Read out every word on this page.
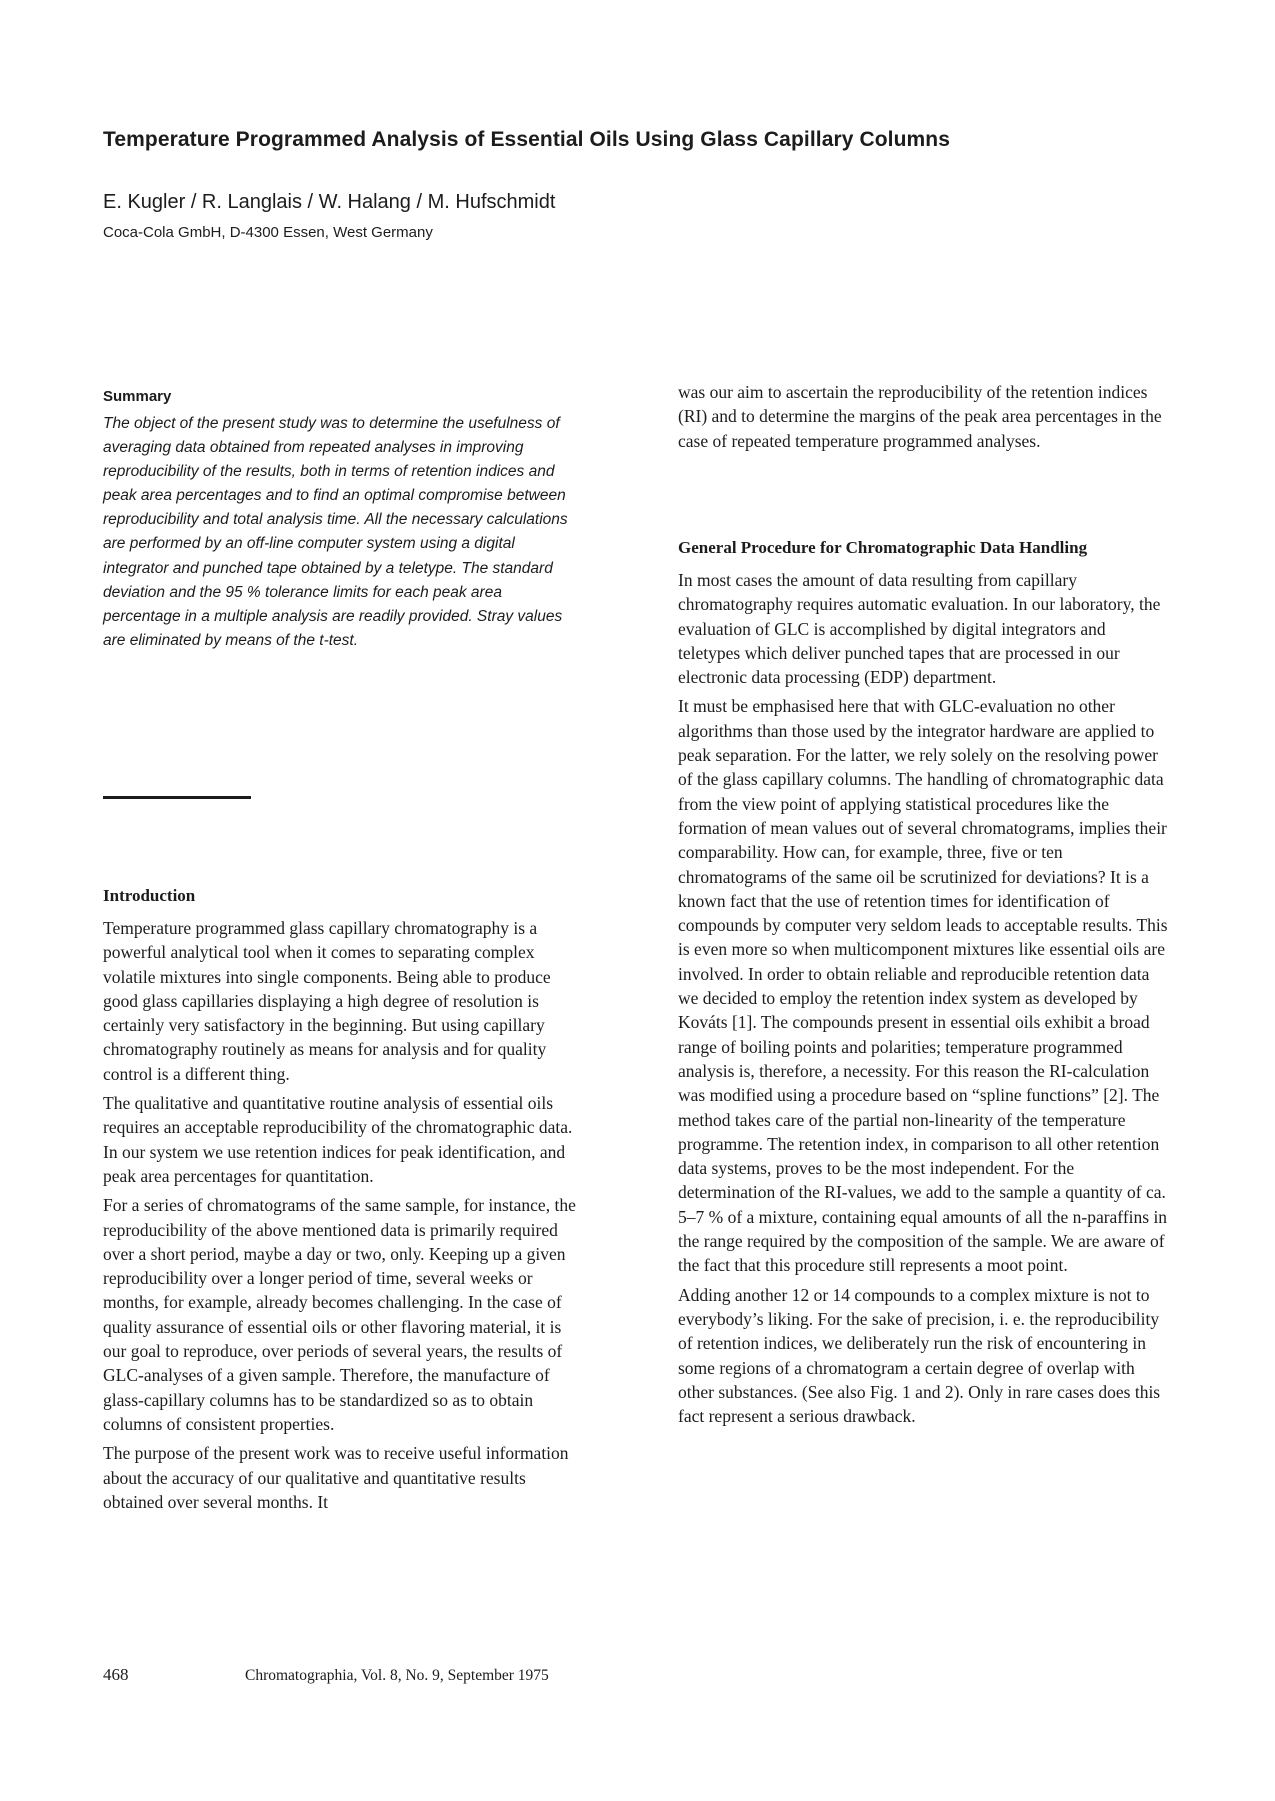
Temperature Programmed Analysis of Essential Oils Using Glass Capillary Columns
E. Kugler / R. Langlais / W. Halang / M. Hufschmidt
Coca-Cola GmbH, D-4300 Essen, West Germany
Summary

The object of the present study was to determine the usefulness of averaging data obtained from repeated analyses in improving reproducibility of the results, both in terms of retention indices and peak area percentages and to find an optimal compromise between reproducibility and total analysis time. All the necessary calculations are performed by an off-line computer system using a digital integrator and punched tape obtained by a teletype. The standard deviation and the 95 % tolerance limits for each peak area percentage in a multiple analysis are readily provided. Stray values are eliminated by means of the t-test.

Introduction

Temperature programmed glass capillary chromatography is a powerful analytical tool when it comes to separating complex volatile mixtures into single components. Being able to produce good glass capillaries displaying a high degree of resolution is certainly very satisfactory in the beginning. But using capillary chromatography routinely as means for analysis and for quality control is a different thing.

The qualitative and quantitative routine analysis of essential oils requires an acceptable reproducibility of the chromatographic data. In our system we use retention indices for peak identification, and peak area percentages for quantitation.

For a series of chromatograms of the same sample, for instance, the reproducibility of the above mentioned data is primarily required over a short period, maybe a day or two, only. Keeping up a given reproducibility over a longer period of time, several weeks or months, for example, already becomes challenging. In the case of quality assurance of essential oils or other flavoring material, it is our goal to reproduce, over periods of several years, the results of GLC-analyses of a given sample. Therefore, the manufacture of glass-capillary columns has to be standardized so as to obtain columns of consistent properties.

The purpose of the present work was to receive useful information about the accuracy of our qualitative and quantitative results obtained over several months. It

was our aim to ascertain the reproducibility of the retention indices (RI) and to determine the margins of the peak area percentages in the case of repeated temperature programmed analyses.

General Procedure for Chromatographic Data Handling

In most cases the amount of data resulting from capillary chromatography requires automatic evaluation. In our laboratory, the evaluation of GLC is accomplished by digital integrators and teletypes which deliver punched tapes that are processed in our electronic data processing (EDP) department.

It must be emphasised here that with GLC-evaluation no other algorithms than those used by the integrator hardware are applied to peak separation. For the latter, we rely solely on the resolving power of the glass capillary columns. The handling of chromatographic data from the view point of applying statistical procedures like the formation of mean values out of several chromatograms, implies their comparability. How can, for example, three, five or ten chromatograms of the same oil be scrutinized for deviations? It is a known fact that the use of retention times for identification of compounds by computer very seldom leads to acceptable results. This is even more so when multicomponent mixtures like essential oils are involved. In order to obtain reliable and reproducible retention data we decided to employ the retention index system as developed by Kováts [1]. The compounds present in essential oils exhibit a broad range of boiling points and polarities; temperature programmed analysis is, therefore, a necessity. For this reason the RI-calculation was modified using a procedure based on “spline functions” [2]. The method takes care of the partial non-linearity of the temperature programme. The retention index, in comparison to all other retention data systems, proves to be the most independent. For the determination of the RI-values, we add to the sample a quantity of ca. 5–7 % of a mixture, containing equal amounts of all the n-paraffins in the range required by the composition of the sample. We are aware of the fact that this procedure still represents a moot point.

Adding another 12 or 14 compounds to a complex mixture is not to everybody’s liking. For the sake of precision, i. e. the reproducibility of retention indices, we deliberately run the risk of encountering in some regions of a chromatogram a certain degree of overlap with other substances. (See also Fig. 1 and 2). Only in rare cases does this fact represent a serious drawback.

468	Chromatographia, Vol. 8, No. 9, September 1975
